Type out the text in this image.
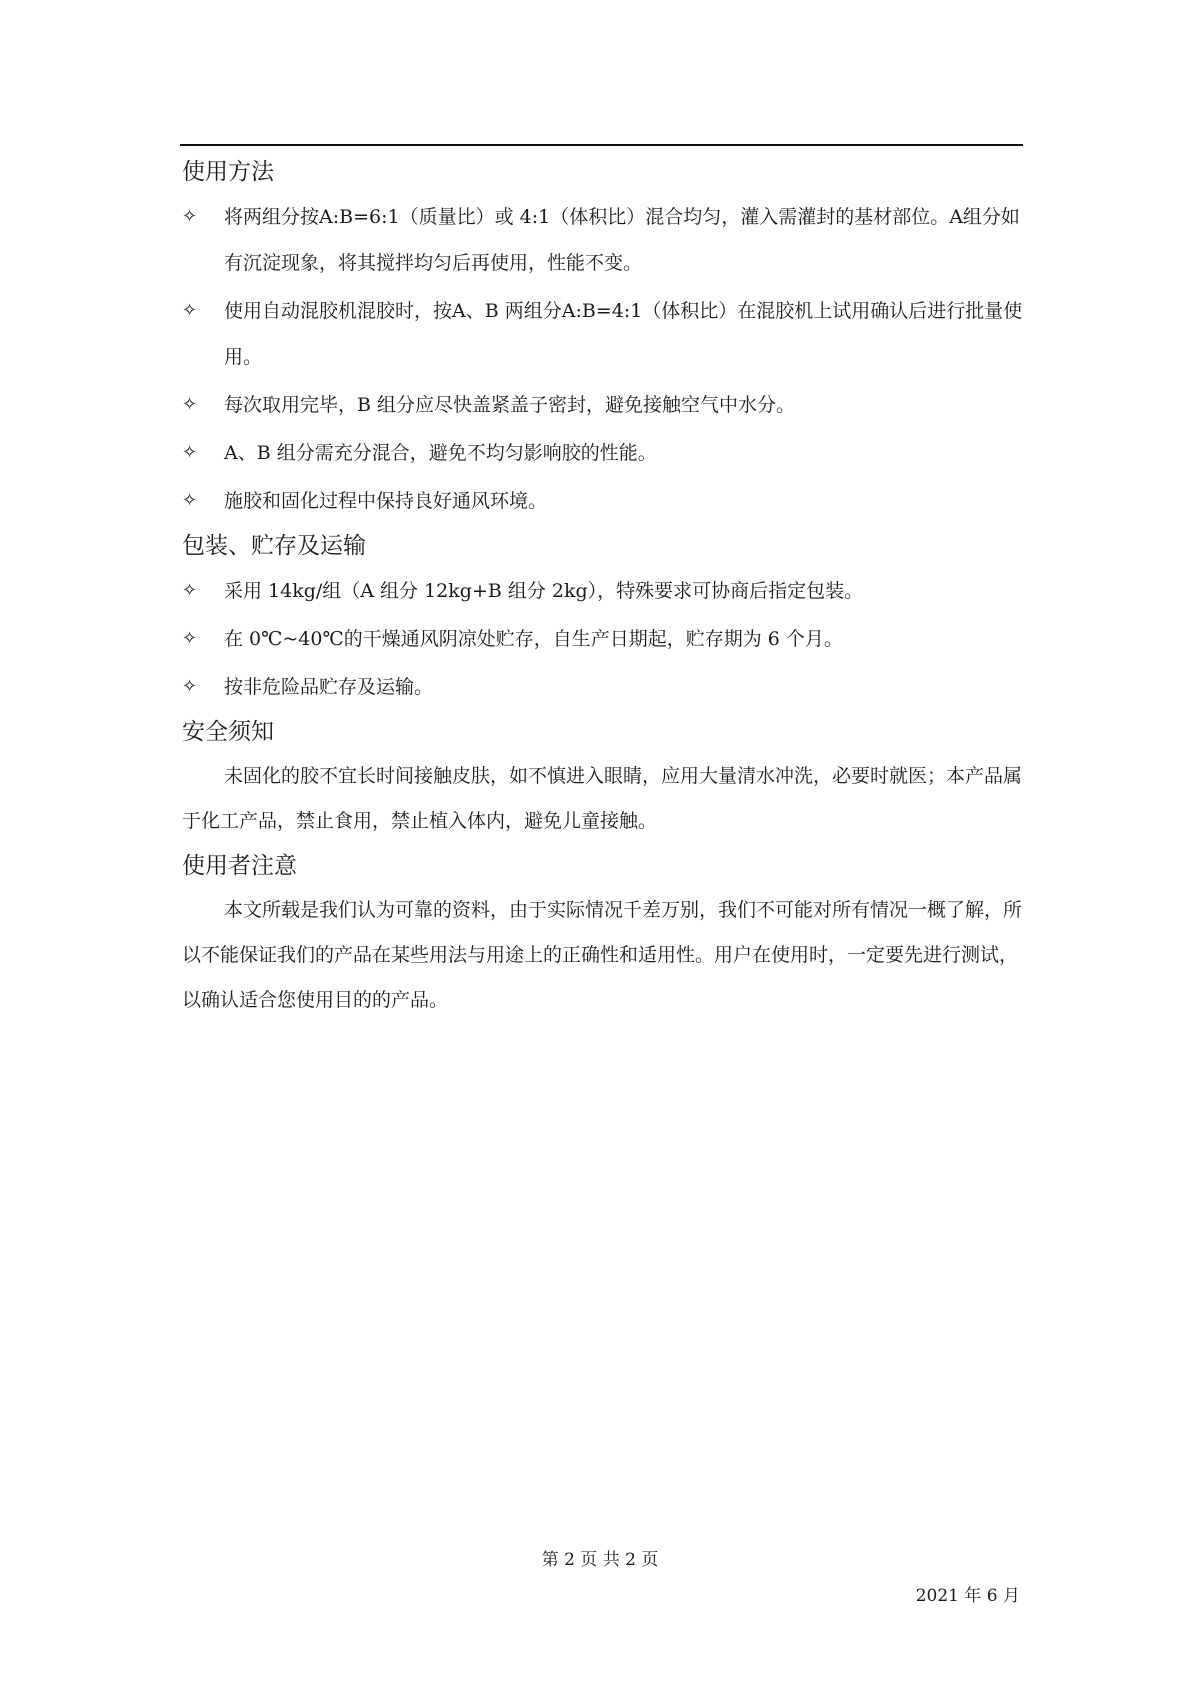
使用方法

✧ 将两组分按A:B=6:1（质量比）或 4:1（体积比）混合均匀，灌入需灌封的基材部位。A组分如有沉淀现象，将其搅拌均匀后再使用，性能不变。

✧ 使用自动混胶机混胶时，按A、B 两组分A:B=4:1（体积比）在混胶机上试用确认后进行批量使用。

✧ 每次取用完毕，B 组分应尽快盖紧盖子密封，避免接触空气中水分。

✧ A、B 组分需充分混合，避免不均匀影响胶的性能。

✧ 施胶和固化过程中保持良好通风环境。

包装、贮存及运输

✧ 采用 14kg/组（A 组分 12kg+B 组分 2kg），特殊要求可协商后指定包装。

✧ 在 0℃~40℃的干燥通风阴凉处贮存，自生产日期起，贮存期为 6 个月。

✧ 按非危险品贮存及运输。

安全须知

未固化的胶不宜长时间接触皮肤，如不慎进入眼睛，应用大量清水冲洗，必要时就医；本产品属于化工产品，禁止食用，禁止植入体内，避免儿童接触。

使用者注意

本文所载是我们认为可靠的资料，由于实际情况千差万别，我们不可能对所有情况一概了解，所以不能保证我们的产品在某些用法与用途上的正确性和适用性。用户在使用时，一定要先进行测试，以确认适合您使用目的的产品。

第 2 页 共 2 页
2021 年 6 月
